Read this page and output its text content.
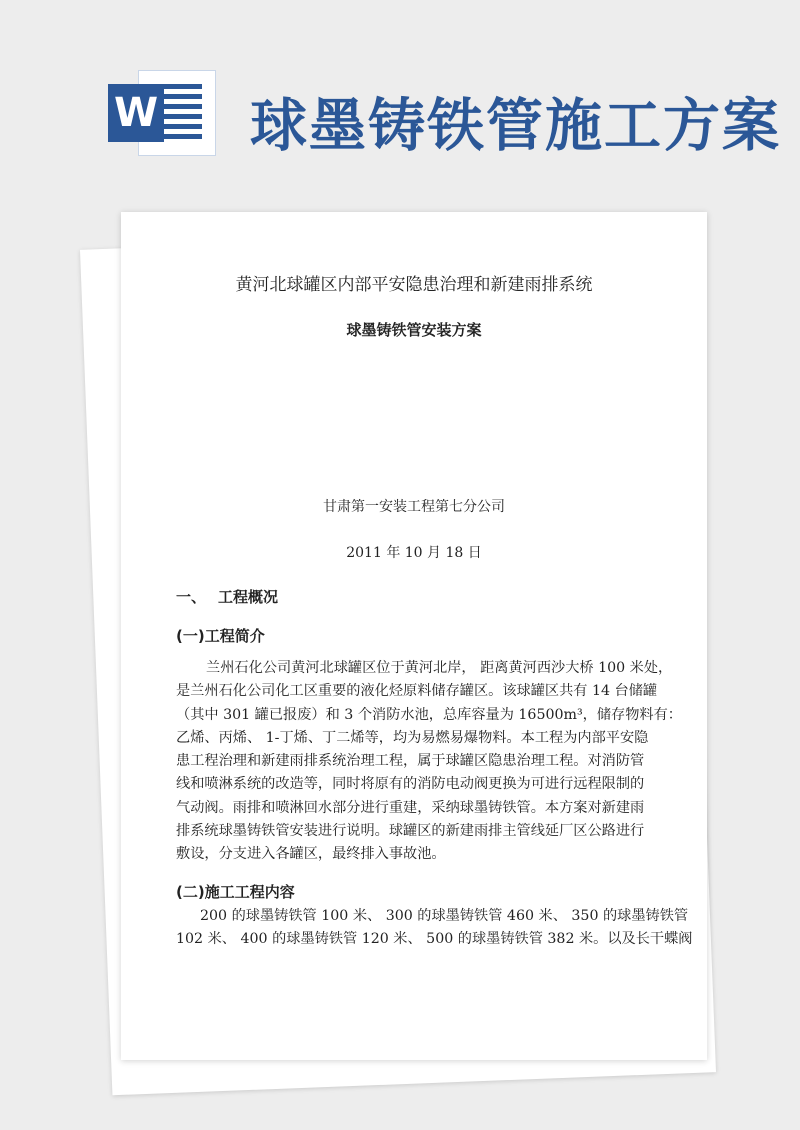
W 球墨铸铁管施工方案
黄河北球罐区内部平安隐患治理和新建雨排系统
球墨铸铁管安装方案
甘肃第一安装工程第七分公司
2011 年 10 月 18 日
一、 工程概况
(一)工程简介
兰州石化公司黄河北球罐区位于黄河北岸， 距离黄河西沙大桥 100 米处，
是兰州石化公司化工区重要的液化烃原料储存罐区。该球罐区共有 14 台储罐
（其中 301 罐已报废）和 3 个消防水池，总库容量为 16500m³，储存物料有：
乙烯、丙烯、 1-丁烯、丁二烯等，均为易燃易爆物料。本工程为内部平安隐
患工程治理和新建雨排系统治理工程，属于球罐区隐患治理工程。对消防管
线和喷淋系统的改造等，同时将原有的消防电动阀更换为可进行远程限制的
气动阀。雨排和喷淋回水部分进行重建，采纳球墨铸铁管。本方案对新建雨
排系统球墨铸铁管安装进行说明。球罐区的新建雨排主管线延厂区公路进行
敷设，分支进入各罐区，最终排入事故池。
(二)施工工程内容
200 的球墨铸铁管 100 米、 300 的球墨铸铁管 460 米、 350 的球墨铸铁管
102 米、 400 的球墨铸铁管 120 米、 500 的球墨铸铁管 382 米。以及长干蝶阀
